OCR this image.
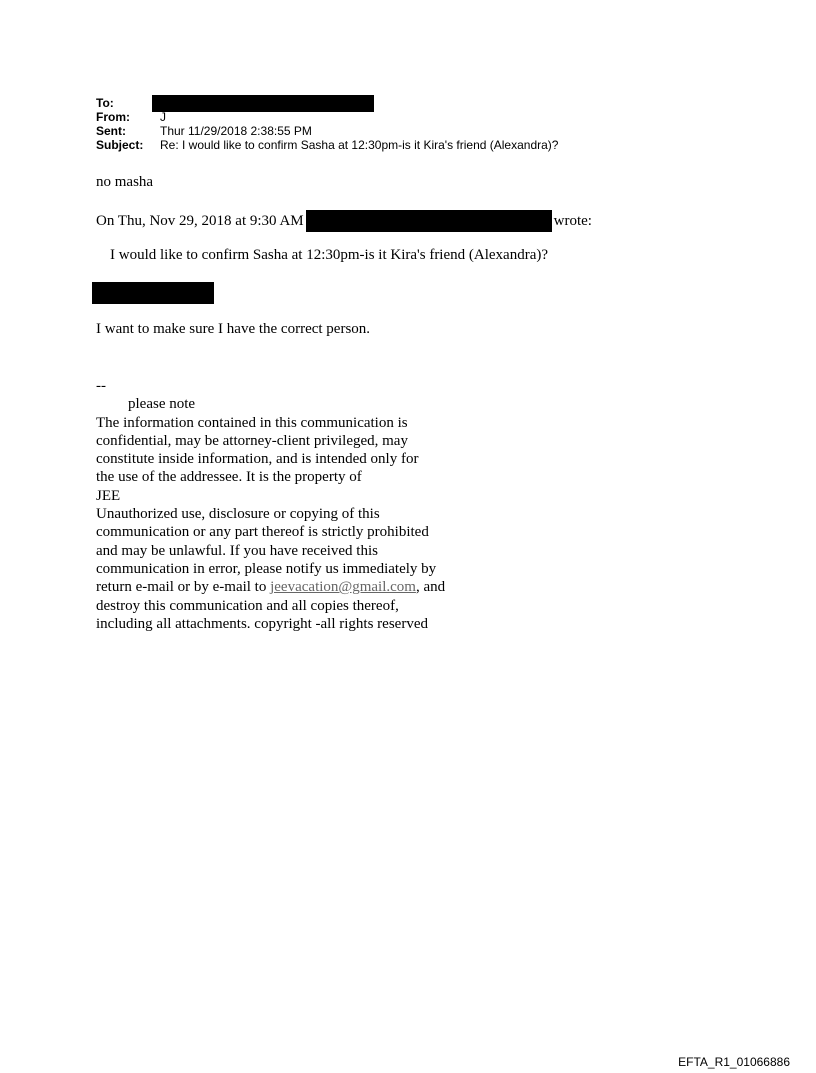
To:
From:	J
Sent:	Thur 11/29/2018 2:38:55 PM
Subject:	Re: I would like to confirm Sasha at 12:30pm-is it Kira's friend (Alexandra)?
no masha
On Thu, Nov 29, 2018 at 9:30 AM	wrote:
I would like to confirm Sasha at 12:30pm-is it Kira's friend (Alexandra)?
I want to make sure I have the correct person.
--
please note
The information contained in this communication is
confidential, may be attorney-client privileged, may
constitute inside information, and is intended only for
the use of the addressee. It is the property of
JEE
Unauthorized use, disclosure or copying of this
communication or any part thereof is strictly prohibited
and may be unlawful. If you have received this
communication in error, please notify us immediately by
return e-mail or by e-mail to jeevacation@gmail.com, and
destroy this communication and all copies thereof,
including all attachments. copyright -all rights reserved
EFTA_R1_01066886
